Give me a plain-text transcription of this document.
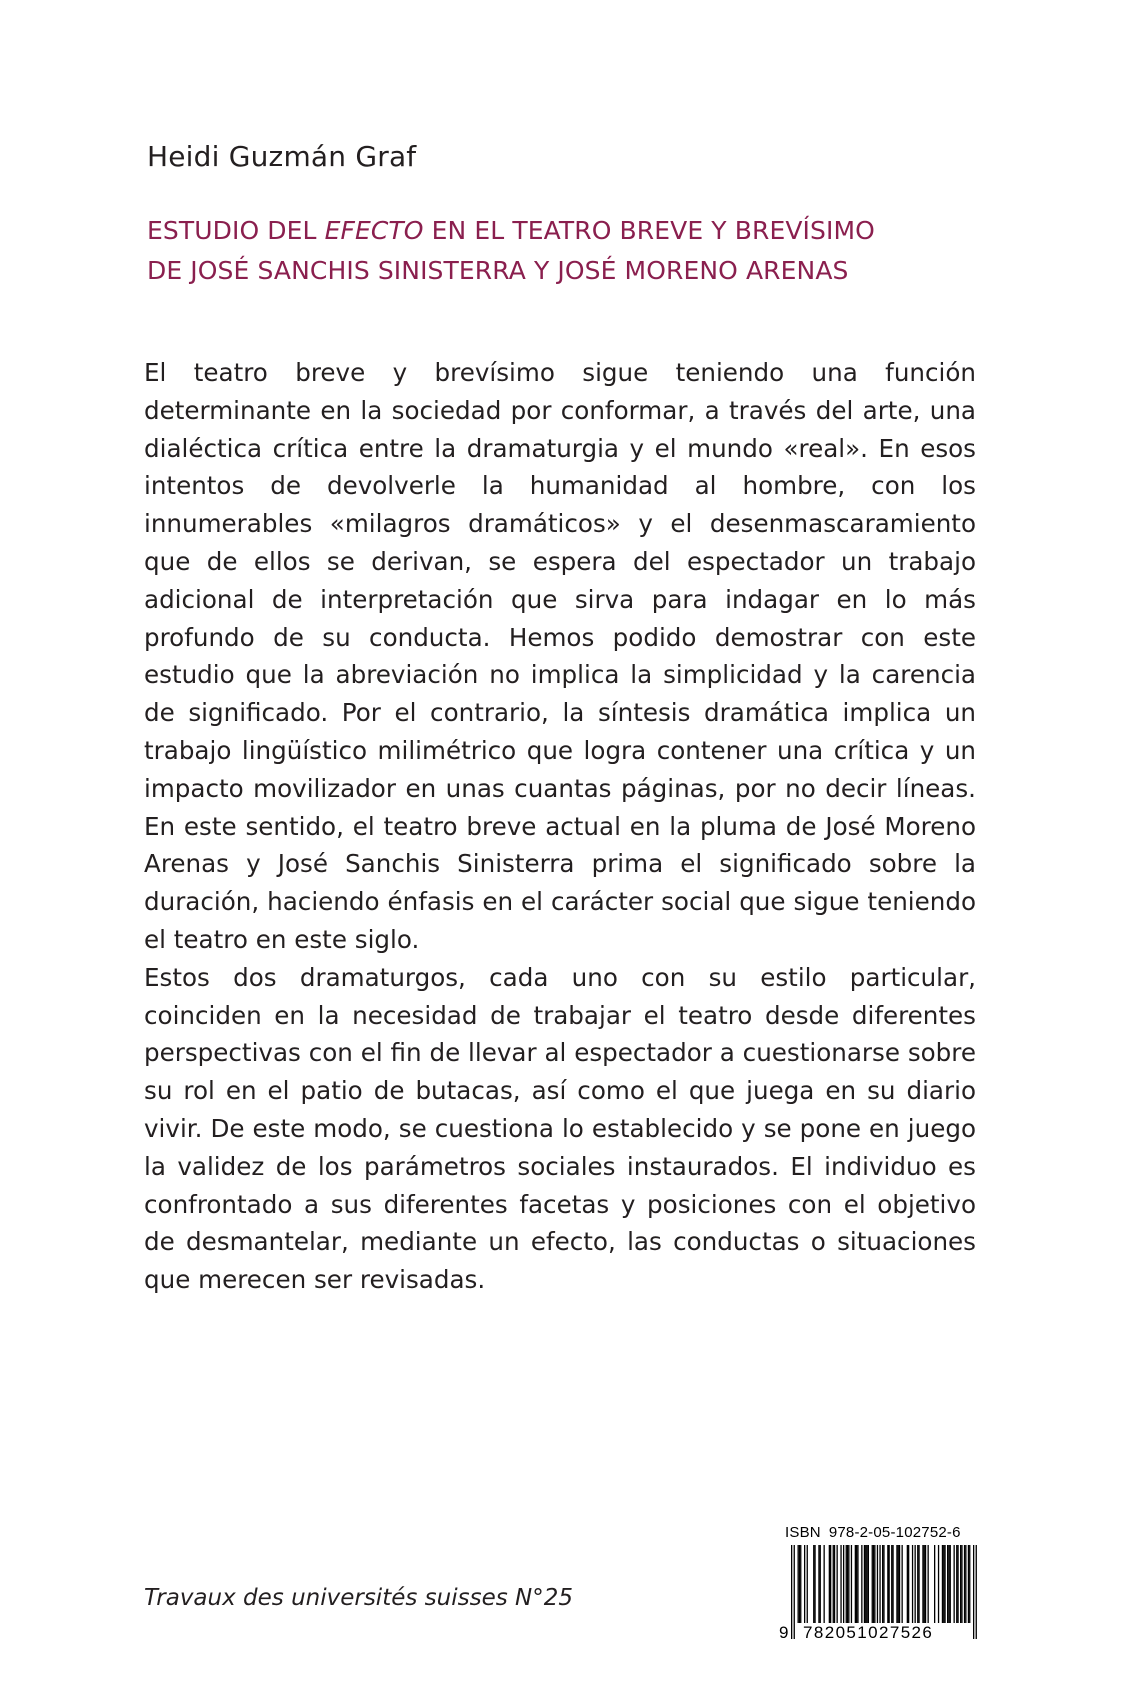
Heidi Guzmán Graf
ESTUDIO DEL EFECTO EN EL TEATRO BREVE Y BREVÍSIMO
DE JOSÉ SANCHIS SINISTERRA Y JOSÉ MORENO ARENAS

El teatro breve y brevísimo sigue teniendo una función determinante en la sociedad por conformar, a través del arte, una dialéctica crítica entre la dramaturgia y el mundo «real». En esos intentos de devolverle la humanidad al hombre, con los innumerables «milagros dramáticos» y el desenmascaramiento que de ellos se derivan, se espera del espectador un trabajo adicional de interpretación que sirva para indagar en lo más profundo de su conducta. Hemos podido demostrar con este estudio que la abreviación no implica la simplicidad y la carencia de significado. Por el contrario, la síntesis dramática implica un trabajo lingüístico milimétrico que logra contener una crítica y un impacto movilizador en unas cuantas páginas, por no decir líneas. En este sentido, el teatro breve actual en la pluma de José Moreno Arenas y José Sanchis Sinisterra prima el significado sobre la duración, haciendo énfasis en el carácter social que sigue teniendo el teatro en este siglo.

Estos dos dramaturgos, cada uno con su estilo particular, coinciden en la necesidad de trabajar el teatro desde diferentes perspectivas con el fin de llevar al espectador a cuestionarse sobre su rol en el patio de butacas, así como el que juega en su diario vivir. De este modo, se cuestiona lo establecido y se pone en juego la validez de los parámetros sociales instaurados. El individuo es confrontado a sus diferentes facetas y posiciones con el objetivo de desmantelar, mediante un efecto, las conductas o situaciones que merecen ser revisadas.

Travaux des universités suisses N°25

ISBN 978-2-05-102752-6
9 782051027526
